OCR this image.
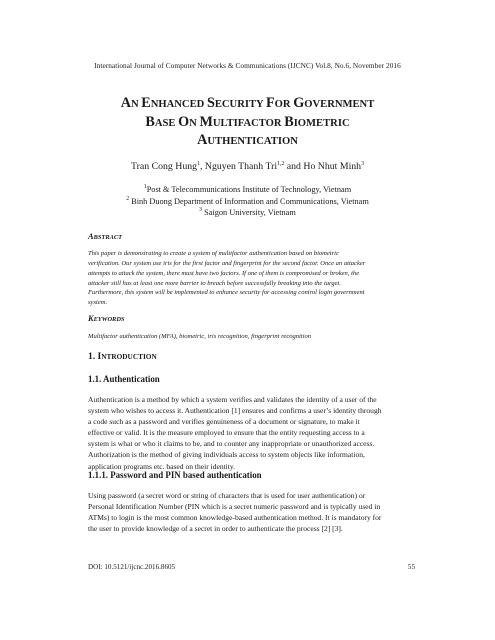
International Journal of Computer Networks & Communications (IJCNC) Vol.8, No.6, November 2016
AN ENHANCED SECURITY FOR GOVERNMENT
BASE ON MULTIFACTOR BIOMETRIC
AUTHENTICATION
Tran Cong Hung$^1$, Nguyen Thanh Tri$^{1,2}$ and Ho Nhut Minh$^3$
$^1$Post & Telecommunications Institute of Technology, Vietnam
$^2$ Binh Duong Department of Information and Communications, Vietnam
$^3$ Saigon University, Vietnam
ABSTRACT
This paper is demonstrating to create a system of multifactor authentication based on biometric
verification. Our system use iris for the first factor and fingerprint for the second factor. Once an attacker
attempts to attack the system, there must have two factors. If one of them is compromised or broken, the
attacker still has at least one more barrier to breach before successfully breaking into the target.
Furthermore, this system will be implemented to enhance security for accessing control login government
system.
KEYWORDS
Multifactor authentication (MFA), biometric, iris recognition, fingerprint recognition
1. INTRODUCTION
1.1. Authentication
Authentication is a method by which a system verifies and validates the identity of a user of the
system who wishes to access it. Authentication [1] ensures and confirms a user’s identity through
a code such as a password and verifies genuineness of a document or signature, to make it
effective or valid. It is the measure employed to ensure that the entity requesting access to a
system is what or who it claims to be, and to counter any inappropriate or unauthorized access.
Authorization is the method of giving individuals access to system objects like information,
application programs etc. based on their identity.
1.1.1. Password and PIN based authentication
Using password (a secret word or string of characters that is used for user authentication) or
Personal Identification Number (PIN which is a secret numeric password and is typically used in
ATMs) to login is the most common knowledge-based authentication method. It is mandatory for
the user to provide knowledge of a secret in order to authenticate the process [2] [3].
DOI: 10.5121/ijcnc.2016.8605	55
